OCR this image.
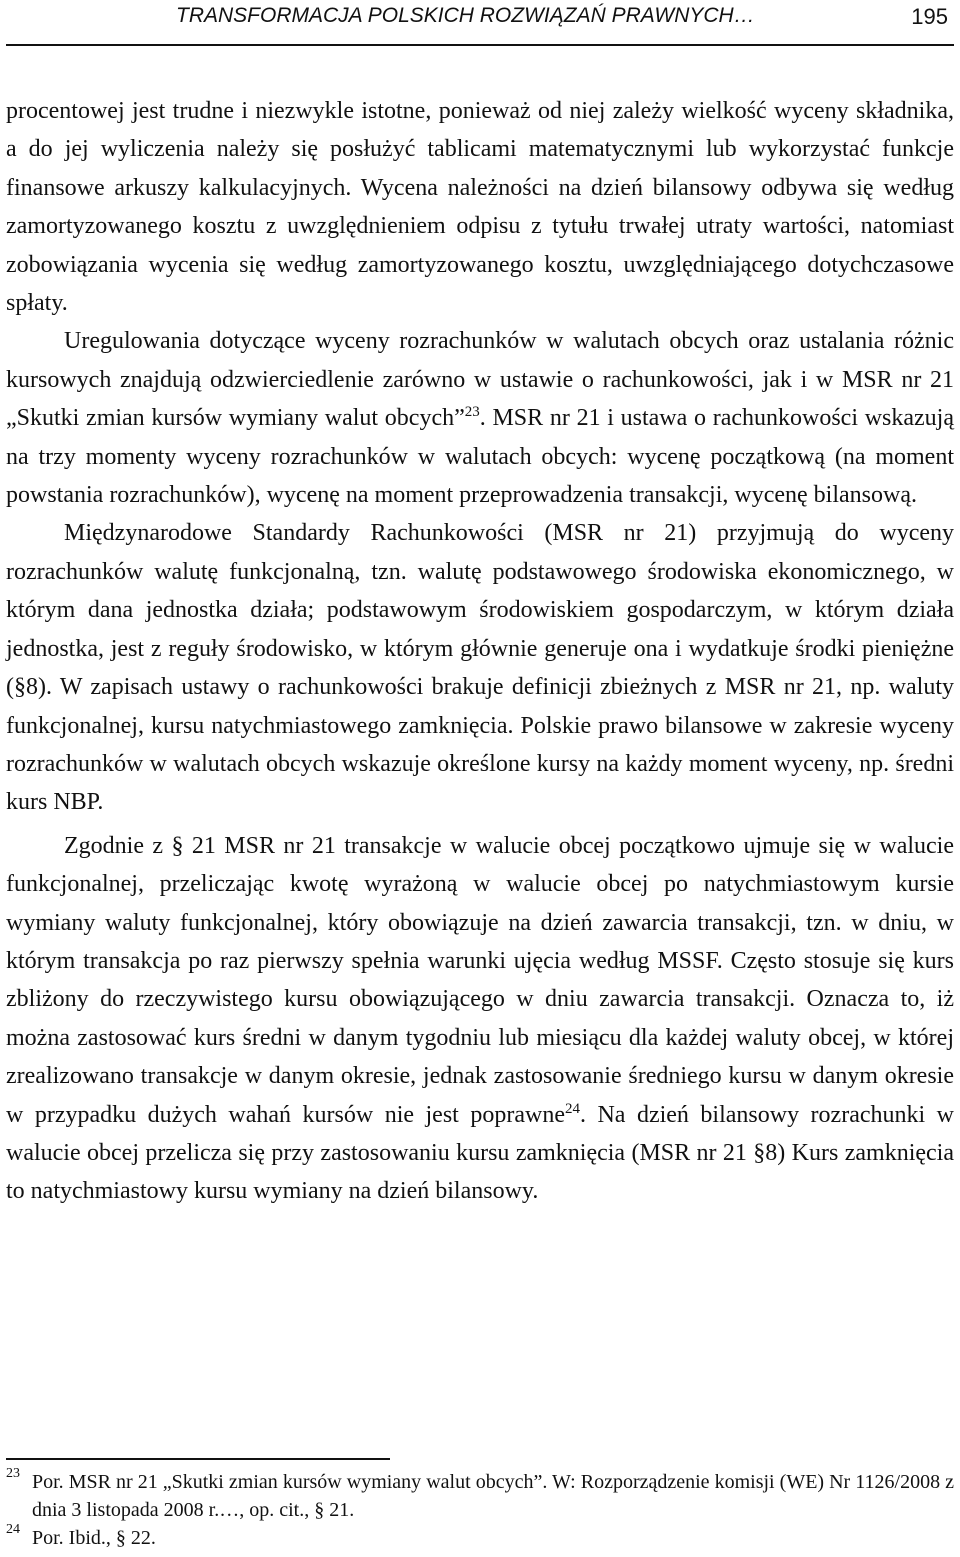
TRANSFORMACJA POLSKICH ROZWIĄZAŃ PRAWNYCH…	195

procentowej jest trudne i niezwykle istotne, ponieważ od niej zależy wielkość wyceny składnika, a do jej wyliczenia należy się posłużyć tablicami matematycznymi lub wykorzystać funkcje finansowe arkuszy kalkulacyjnych. Wycena należności na dzień bilansowy odbywa się według zamortyzowanego kosztu z uwzględnieniem odpisu z tytułu trwałej utraty wartości, natomiast zobowiązania wycenia się według zamortyzowanego kosztu, uwzględniającego dotychczasowe spłaty.

Uregulowania dotyczące wyceny rozrachunków w walutach obcych oraz ustalania różnic kursowych znajdują odzwierciedlenie zarówno w ustawie o rachunkowości, jak i w MSR nr 21 „Skutki zmian kursów wymiany walut obcych”$^{23}$. MSR nr 21 i ustawa o rachunkowości wskazują na trzy momenty wyceny rozrachunków w walutach obcych: wycenę początkową (na moment powstania rozrachunków), wycenę na moment przeprowadzenia transakcji, wycenę bilansową.

Międzynarodowe Standardy Rachunkowości (MSR nr 21) przyjmują do wyceny rozrachunków walutę funkcjonalną, tzn. walutę podstawowego środowiska ekonomicznego, w którym dana jednostka działa; podstawowym środowiskiem gospodarczym, w którym działa jednostka, jest z reguły środowisko, w którym głównie generuje ona i wydatkuje środki pieniężne (§8). W zapisach ustawy o rachunkowości brakuje definicji zbieżnych z MSR nr 21, np. waluty funkcjonalnej, kursu natychmiastowego zamknięcia. Polskie prawo bilansowe w zakresie wyceny rozrachunków w walutach obcych wskazuje określone kursy na każdy moment wyceny, np. średni kurs NBP.

Zgodnie z § 21 MSR nr 21 transakcje w walucie obcej początkowo ujmuje się w walucie funkcjonalnej, przeliczając kwotę wyrażoną w walucie obcej po natychmiastowym kursie wymiany waluty funkcjonalnej, który obowiązuje na dzień zawarcia transakcji, tzn. w dniu, w którym transakcja po raz pierwszy spełnia warunki ujęcia według MSSF. Często stosuje się kurs zbliżony do rzeczywistego kursu obowiązującego w dniu zawarcia transakcji. Oznacza to, iż można zastosować kurs średni w danym tygodniu lub miesiącu dla każdej waluty obcej, w której zrealizowano transakcje w danym okresie, jednak zastosowanie średniego kursu w danym okresie w przypadku dużych wahań kursów nie jest poprawne$^{24}$. Na dzień bilansowy rozrachunki w walucie obcej przelicza się przy zastosowaniu kursu zamknięcia (MSR nr 21 §8) Kurs zamknięcia to natychmiastowy kursu wymiany na dzień bilansowy.

23 Por. MSR nr 21 „Skutki zmian kursów wymiany walut obcych”. W: Rozporządzenie komisji (WE) Nr 1126/2008 z dnia 3 listopada 2008 r.…, op. cit., § 21.
24 Por. Ibid., § 22.
